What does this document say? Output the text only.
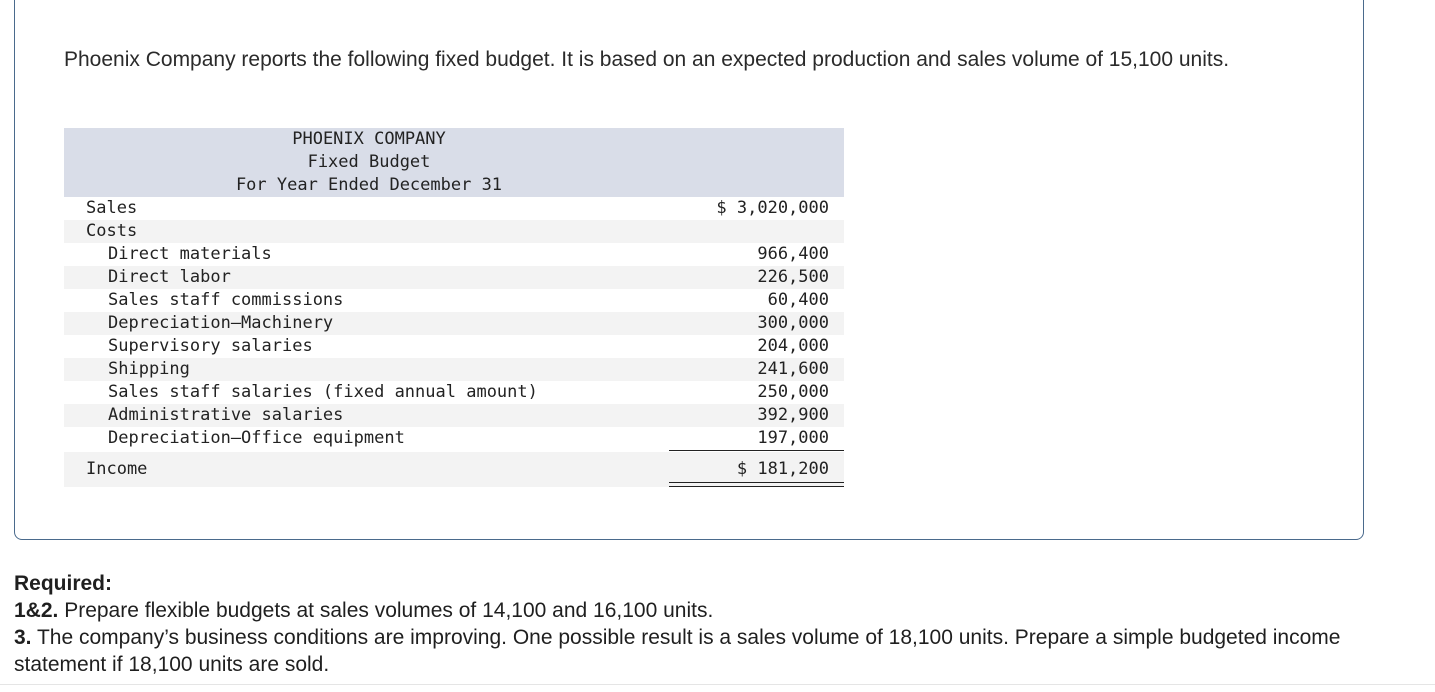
Phoenix Company reports the following fixed budget. It is based on an expected production and sales volume of 15,100 units.
PHOENIX COMPANY
Fixed Budget
For Year Ended December 31
Sales	$ 3,020,000
Costs
Direct materials	966,400
Direct labor	226,500
Sales staff commissions	60,400
Depreciation—Machinery	300,000
Supervisory salaries	204,000
Shipping	241,600
Sales staff salaries (fixed annual amount)	250,000
Administrative salaries	392,900
Depreciation—Office equipment	197,000
Income	$ 181,200
Required:
1&2. Prepare flexible budgets at sales volumes of 14,100 and 16,100 units.
3. The company’s business conditions are improving. One possible result is a sales volume of 18,100 units. Prepare a simple budgeted income statement if 18,100 units are sold.
